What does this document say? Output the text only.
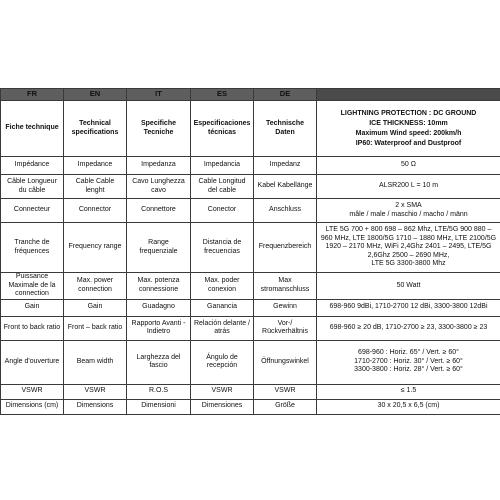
FR	EN	IT	ES	DE	
Fiche technique	Technical specifications	Specifiche Tecniche	Especificaciones técnicas	Technische Daten	LIGHTNING PROTECTION : DC GROUND
ICE THICKNESS: 10mm
Maximum Wind speed: 200km/h
IP60: Waterproof and Dustproof

Impédance	Impedance	Impedanza	Impedancia	Impedanz	50 Ω

Câble Longueur du câble	Cable Cable lenght	Cavo Lunghezza cavo	Cable Longitud del cable	Kabel Kabellänge	ALSR200 L = 10 m

Connecteur	Connector	Connettore	Conector	Anschluss	2 x SMA
mâle / male / maschio / macho / männ

Tranche de fréquences	Frequency range	Range frequenziale	Distancia de frecuencias	Frequenzbereich	LTE 5G 700 + 800 698 – 862 Mhz, LTE/5G 900 880 – 960 MHz, LTE 1800/5G 1710 – 1880 MHz, LTE 2100/5G 1920 – 2170 MHz, WiFi 2,4Ghz 2401 – 2495, LTE/5G 2,6Ghz 2500 – 2690 MHz,
LTE 5G 3300-3800 Mhz

Puissance Maximale de la connection	Max. power connection	Max. potenza connessione	Max. poder conexion	Max stromanschluss	50 Watt

Gain	Gain	Guadagno	Ganancia	Gewinn	698-960 9dBi, 1710-2700 12 dBi, 3300-3800 12dBi

Front to back ratio	Front – back ratio	Rapporto Avanti - Indietro	Relación delante / atrás	Vor-/ Rückverhältnis	698-960 ≥ 20 dB, 1710-2700 ≥ 23, 3300-3800 ≥ 23

Angle d'ouverture	Beam width	Larghezza del fascio	Ángulo de recepción	Öffnungswinkel	698-960 : Horiz. 65° / Vert. ≥ 60°
1710-2700 : Horiz. 30° / Vert. ≥ 60°
3300-3800 : Horiz. 28° / Vert. ≥ 60°

VSWR	VSWR	R.O.S	VSWR	VSWR	≤ 1.5

Dimensions (cm)	Dimensions	Dimensioni	Dimensiones	Größe	30 x 20,5 x 6,5 (cm)
